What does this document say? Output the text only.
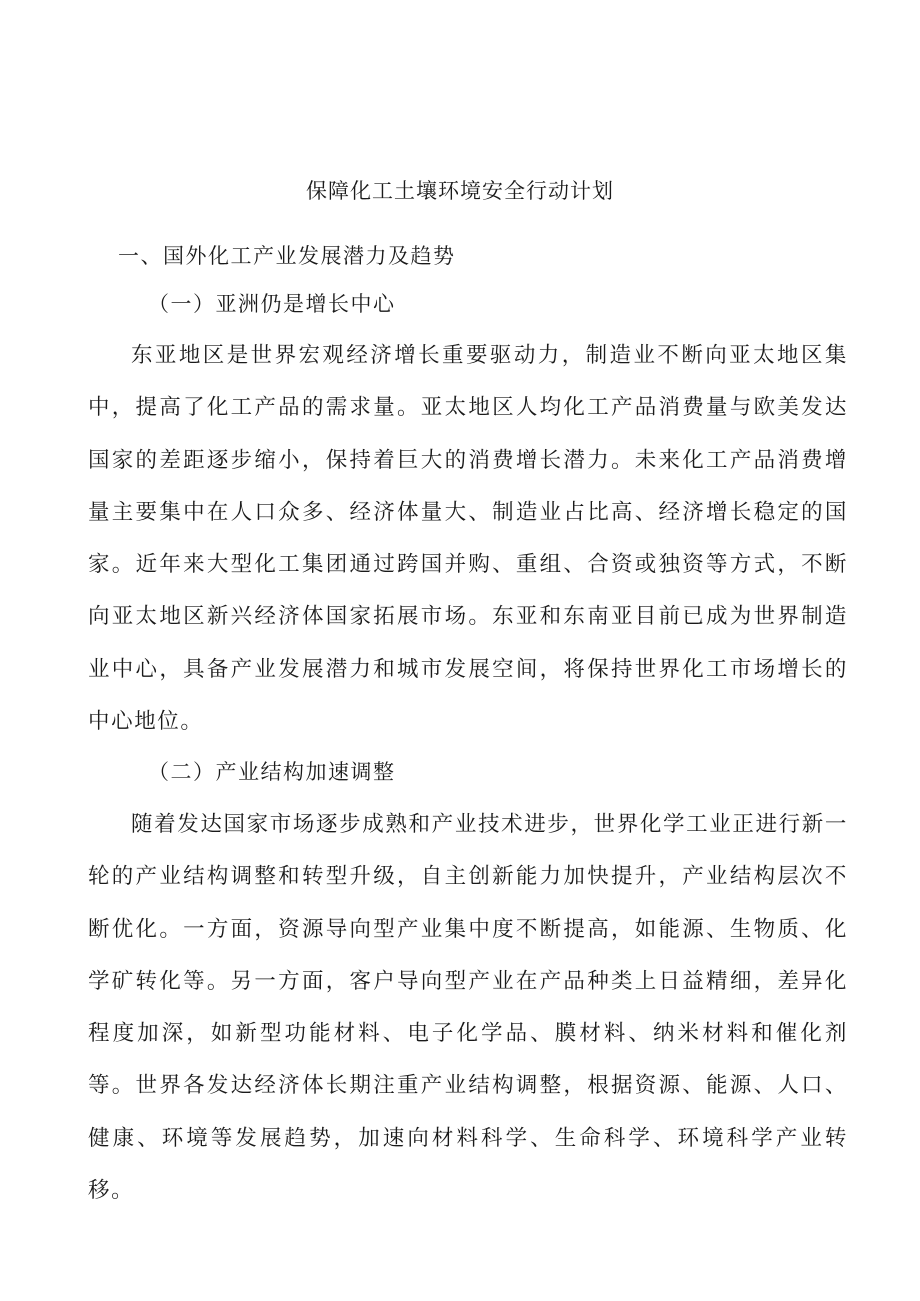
保障化工土壤环境安全行动计划
一、国外化工产业发展潜力及趋势
（一）亚洲仍是增长中心

东亚地区是世界宏观经济增长重要驱动力，制造业不断向亚太地区集中，提高了化工产品的需求量。亚太地区人均化工产品消费量与欧美发达国家的差距逐步缩小，保持着巨大的消费增长潜力。未来化工产品消费增量主要集中在人口众多、经济体量大、制造业占比高、经济增长稳定的国家。近年来大型化工集团通过跨国并购、重组、合资或独资等方式，不断向亚太地区新兴经济体国家拓展市场。东亚和东南亚目前已成为世界制造业中心，具备产业发展潜力和城市发展空间，将保持世界化工市场增长的中心地位。

（二）产业结构加速调整

随着发达国家市场逐步成熟和产业技术进步，世界化学工业正进行新一轮的产业结构调整和转型升级，自主创新能力加快提升，产业结构层次不断优化。一方面，资源导向型产业集中度不断提高，如能源、生物质、化学矿转化等。另一方面，客户导向型产业在产品种类上日益精细，差异化程度加深，如新型功能材料、电子化学品、膜材料、纳米材料和催化剂等。世界各发达经济体长期注重产业结构调整，根据资源、能源、人口、健康、环境等发展趋势，加速向材料科学、生命科学、环境科学产业转移。
